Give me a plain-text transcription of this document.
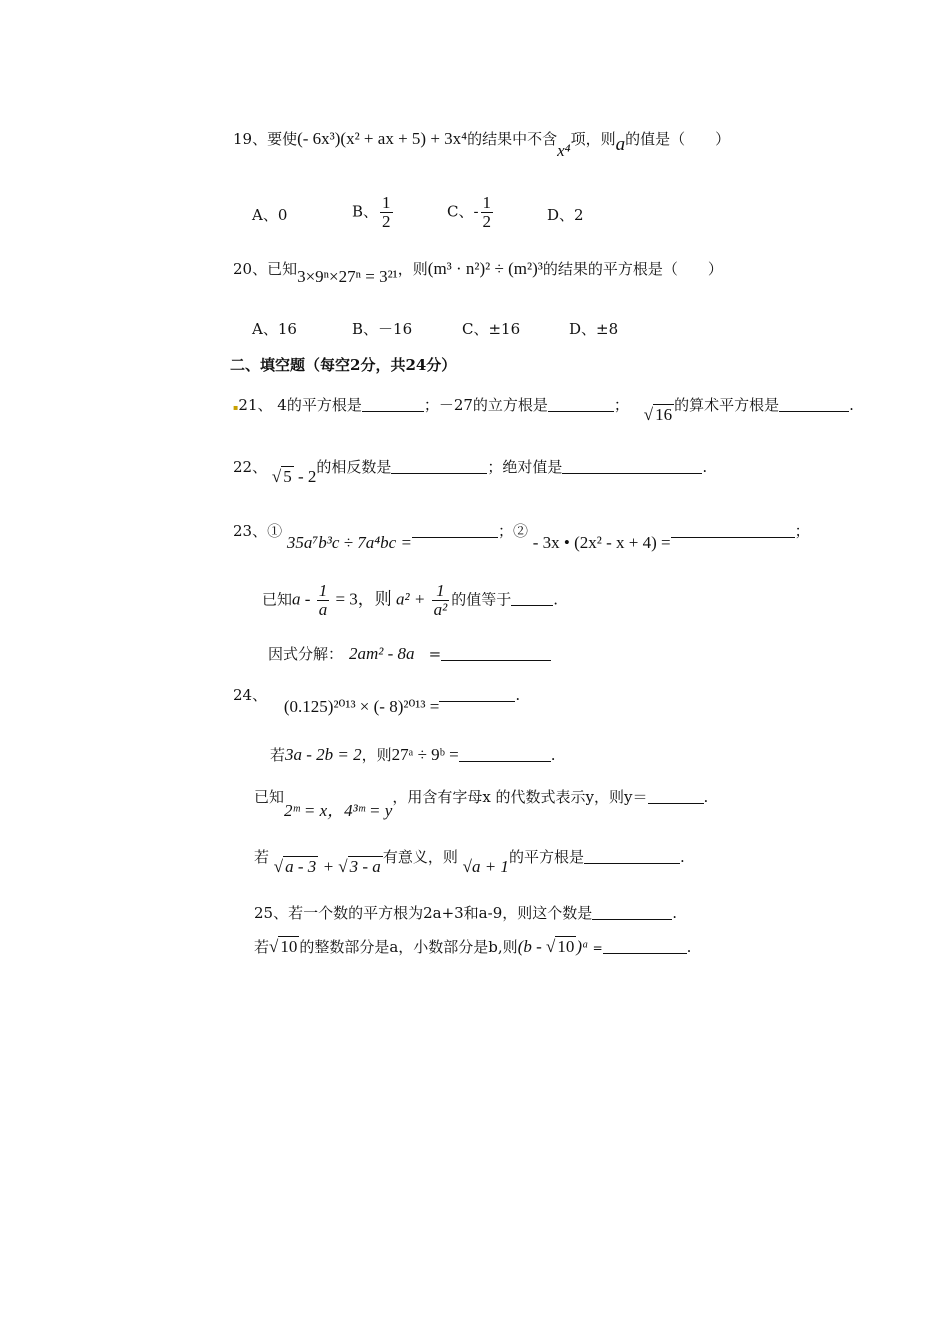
19、要使(- 6x³)(x² + ax + 5) + 3x⁴的结果中不含x⁴项，则a的值是（　　）
A、0	B、 $\frac{1}{2}$	C、- $\frac{1}{2}$	D、2
20、已知3×9ⁿ×27ⁿ = 3²¹，则(m³ · n²)² ÷ (m²)³的结果的平方根是（　　）
A、16	B、－16	C、±16	D、±8
二、填空题（每空2分，共24分）
▪21、 4的平方根是	；－27的立方根是	； √ 16 的算术平方根是	.
22、 √ 5 - 2的相反数是	；绝对值是	.
23、① 35a⁷b³c ÷ 7a⁴bc =；② - 3x • (2x² - x + 4) =；
已知$a - \frac{1}{a} = 3$，则 $a^2 + \frac{1}{\text{a²}}$ 的值等于	.
因式分解： 2am² - 8a =
24、 (0.125)²⁰¹³ × (- 8)²⁰¹³ =.
若3a - 2b = 2，则27ᵃ ÷ 9ᵇ =	.
已知2ᵐ = x，4³ᵐ = y，用含有字母x 的代数式表示y，则y＝	.
若 √ a - 3 + √ 3 - a 有意义，则 √a + 1的平方根是	.
25、若一个数的平方根为2a+3和a-9，则这个数是	.
若√ 10 的整数部分是a，小数部分是b,则(b - √ 10 )ᵃ =	.
